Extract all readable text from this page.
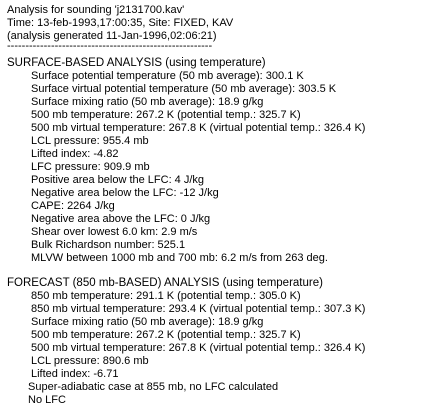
Analysis for sounding 'j2131700.kav'
Time: 13-feb-1993,17:00:35, Site: FIXED, KAV
(analysis generated 11-Jan-1996,02:06:21)
--------------------------------------------------------
SURFACE-BASED ANALYSIS (using temperature)
Surface potential temperature (50 mb average): 300.1 K
Surface virtual potential temperature (50 mb average): 303.5 K
Surface mixing ratio (50 mb average): 18.9 g/kg
500 mb temperature: 267.2 K (potential temp.: 325.7 K)
500 mb virtual temperature: 267.8 K (virtual potential temp.: 326.4 K)
LCL pressure: 955.4 mb
Lifted index: -4.82
LFC pressure: 909.9 mb
Positive area below the LFC: 4 J/kg
Negative area below the LFC: -12 J/kg
CAPE: 2264 J/kg
Negative area above the LFC: 0 J/kg
Shear over lowest 6.0 km: 2.9 m/s
Bulk Richardson number: 525.1
MLVW between 1000 mb and 700 mb: 6.2 m/s from 263 deg.
FORECAST (850 mb-BASED) ANALYSIS (using temperature)
850 mb temperature: 291.1 K (potential temp.: 305.0 K)
850 mb virtual temperature: 293.4 K (virtual potential temp.: 307.3 K)
Surface mixing ratio (50 mb average): 18.9 g/kg
500 mb temperature: 267.2 K (potential temp.: 325.7 K)
500 mb virtual temperature: 267.8 K (virtual potential temp.: 326.4 K)
LCL pressure: 890.6 mb
Lifted index: -6.71
Super-adiabatic case at 855 mb, no LFC calculated
No LFC
